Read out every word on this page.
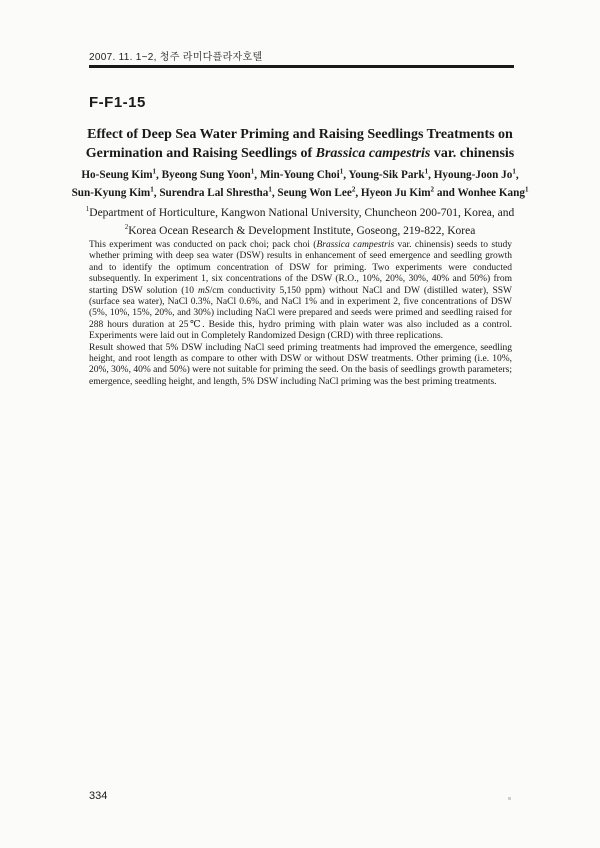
2007. 11. 1~2, 청주 라미다플라자호텔
F-F1-15
Effect of Deep Sea Water Priming and Raising Seedlings Treatments on
Germination and Raising Seedlings of Brassica campestris var. chinensis
Ho-Seung Kim$^1$, Byeong Sung Yoon$^1$, Min-Young Choi$^1$, Young-Sik Park$^1$, Hyoung-Joon Jo$^1$,
Sun-Kyung Kim$^1$, Surendra Lal Shrestha$^1$, Seung Won Lee$^2$, Hyeon Ju Kim$^2$ and Wonhee Kang$^1$
$^1$Department of Horticulture, Kangwon National University, Chuncheon 200-701, Korea, and
$^2$Korea Ocean Research & Development Institute, Goseong, 219-822, Korea

This experiment was conducted on pack choi; pack choi (Brassica campestris var. chinensis) seeds to study whether priming with deep sea water (DSW) results in enhancement of seed emergence and seedling growth and to identify the optimum concentration of DSW for priming. Two experiments were conducted subsequently. In experiment 1, six concentrations of the DSW (R.O., 10%, 20%, 30%, 40% and 50%) from starting DSW solution (10 mS/cm conductivity 5,150 ppm) without NaCl and DW (distilled water), SSW (surface sea water), NaCl 0.3%, NaCl 0.6%, and NaCl 1% and in experiment 2, five concentrations of DSW (5%, 10%, 15%, 20%, and 30%) including NaCl were prepared and seeds were primed and seedling raised for 288 hours duration at 25℃. Beside this, hydro priming with plain water was also included as a control. Experiments were laid out in Completely Randomized Design (CRD) with three replications.

Result showed that 5% DSW including NaCl seed priming treatments had improved the emergence, seedling height, and root length as compare to other with DSW or without DSW treatments. Other priming (i.e. 10%, 20%, 30%, 40% and 50%) were not suitable for priming the seed. On the basis of seedlings growth parameters; emergence, seedling height, and length, 5% DSW including NaCl priming was the best priming treatments.

334
